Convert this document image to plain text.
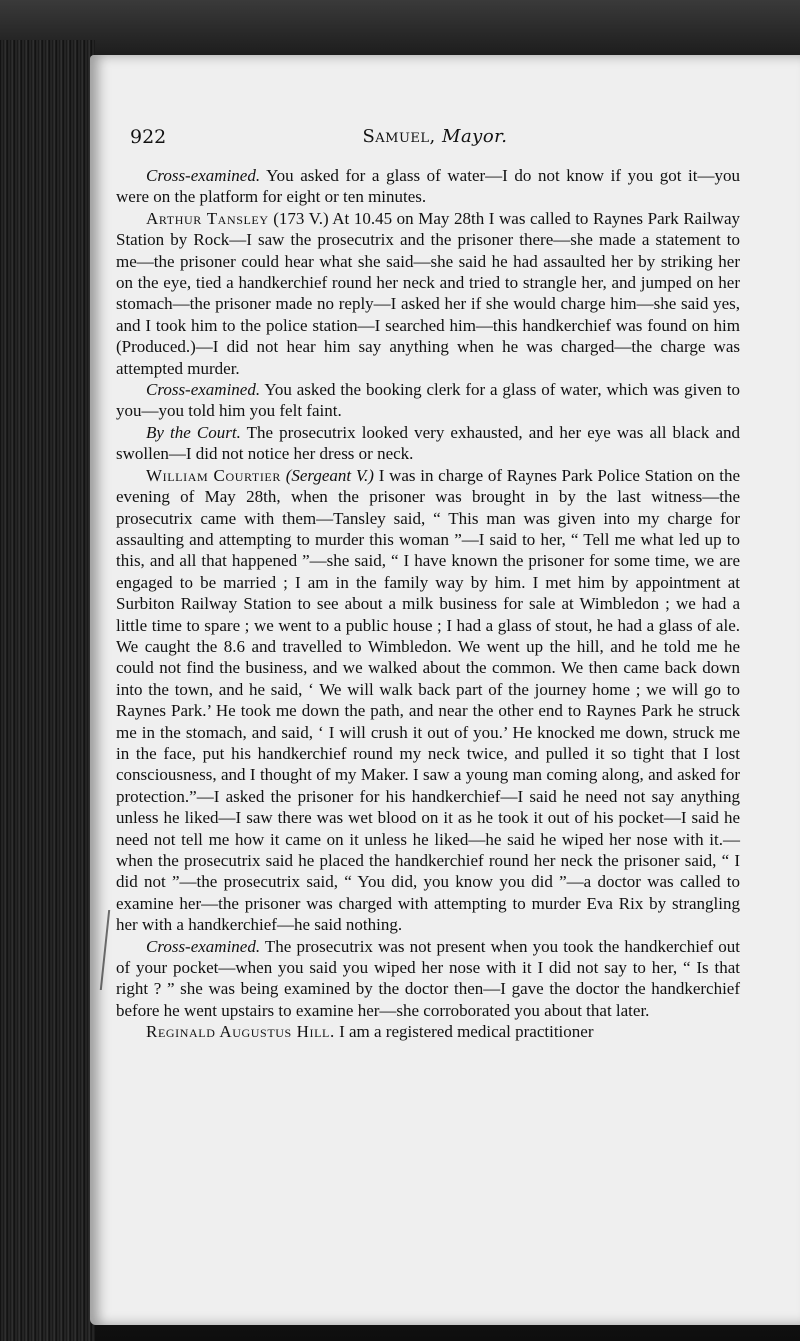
922	Samuel, Mayor.

Cross-examined. You asked for a glass of water—I do not know if you got it—you were on the platform for eight or ten minutes.

Arthur Tansley (173 V.) At 10.45 on May 28th I was called to Raynes Park Railway Station by Rock—I saw the prosecutrix and the prisoner there—she made a statement to me—the prisoner could hear what she said—she said he had assaulted her by striking her on the eye, tied a handkerchief round her neck and tried to strangle her, and jumped on her stomach—the prisoner made no reply—I asked her if she would charge him—she said yes, and I took him to the police station—I searched him—this handkerchief was found on him (Produced.)—I did not hear him say anything when he was charged—the charge was attempted murder.

Cross-examined. You asked the booking clerk for a glass of water, which was given to you—you told him you felt faint.

By the Court. The prosecutrix looked very exhausted, and her eye was all black and swollen—I did not notice her dress or neck.

William Courtier (Sergeant V.) I was in charge of Raynes Park Police Station on the evening of May 28th, when the prisoner was brought in by the last witness—the prosecutrix came with them—Tansley said, “ This man was given into my charge for assaulting and attempting to murder this woman ”—I said to her, “ Tell me what led up to this, and all that happened ”—she said, “ I have known the prisoner for some time, we are engaged to be married ; I am in the family way by him. I met him by appointment at Surbiton Railway Station to see about a milk business for sale at Wimbledon ; we had a little time to spare ; we went to a public house ; I had a glass of stout, he had a glass of ale. We caught the 8.6 and travelled to Wimbledon. We went up the hill, and he told me he could not find the business, and we walked about the common. We then came back down into the town, and he said, ‘ We will walk back part of the journey home ; we will go to Raynes Park.’ He took me down the path, and near the other end to Raynes Park he struck me in the stomach, and said, ‘ I will crush it out of you.’ He knocked me down, struck me in the face, put his handkerchief round my neck twice, and pulled it so tight that I lost consciousness, and I thought of my Maker. I saw a young man coming along, and asked for protection.”—I asked the prisoner for his handkerchief—I said he need not say anything unless he liked—I saw there was wet blood on it as he took it out of his pocket—I said he need not tell me how it came on it unless he liked—he said he wiped her nose with it.—when the prosecutrix said he placed the handkerchief round her neck the prisoner said, “ I did not ”—the prosecutrix said, “ You did, you know you did ”—a doctor was called to examine her—the prisoner was charged with attempting to murder Eva Rix by strangling her with a handkerchief—he said nothing.

Cross-examined. The prosecutrix was not present when you took the handkerchief out of your pocket—when you said you wiped her nose with it I did not say to her, “ Is that right ? ” she was being examined by the doctor then—I gave the doctor the handkerchief before he went upstairs to examine her—she corroborated you about that later.

Reginald Augustus Hill. I am a registered medical practitioner
